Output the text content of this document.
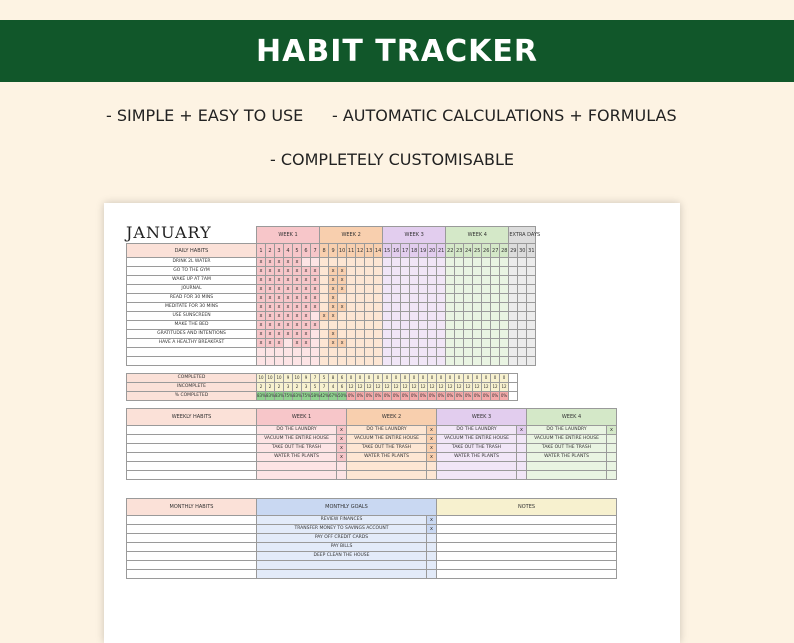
HABIT TRACKER
- SIMPLE + EASY TO USE - AUTOMATIC CALCULATIONS + FORMULAS
- COMPLETELY CUSTOMISABLE
JANUARY
		WEEK 1							WEEK 2							WEEK 3							WEEK 4							EXTRA DAYS		
DAILY HABITS	1	2	3	4	5	6	7	8	9	10	11	12	13	14	15	16	17	18	19	20	21	22	23	24	25	26	27	28	29	30	31
DRINK 2L WATER	x	x	x	x	x																										
GO TO THE GYM	x	x	x	x	x	x	x		x	x																					
WAKE UP AT 7AM	x	x	x	x	x	x	x		x	x																					
JOURNAL	x	x	x	x	x	x	x		x	x																					
READ FOR 30 MINS	x	x	x	x	x	x	x		x																						
MEDITATE FOR 30 MINS	x	x	x	x	x	x	x		x	x																					
USE SUNSCREEN	x	x	x	x	x	x		x	x																						
MAKE THE BED	x	x	x	x	x	x	x																								
GRATITUDES AND INTENTIONS	x	x	x	x	x	x			x																						
HAVE A HEALTHY BREAKFAST	x	x	x		x	x			x	x																					

COMPLETED	10	10	10	9	10	9	7	5	8	6	0	0	0	0	0	0	0	0	0	0	0	0	0	0	0	0	0	0	
INCOMPLETE	2	2	2	3	2	3	5	7	4	6	12	12	12	12	12	12	12	12	12	12	12	12	12	12	12	12	12	12	
% COMPLETED	83%	83%	83%	75%	83%	75%	58%	42%	67%	50%	0%	0%	0%	0%	0%	0%	0%	0%	0%	0%	0%	0%	0%	0%	0%	0%	0%	0%	
WEEKLY HABITS	WEEK 1		WEEK 2		WEEK 3		WEEK 4	
	DO THE LAUNDRY	x	DO THE LAUNDRY	x	DO THE LAUNDRY	x	DO THE LAUNDRY	x
	VACUUM THE ENTIRE HOUSE	x	VACUUM THE ENTIRE HOUSE	x	VACUUM THE ENTIRE HOUSE		VACUUM THE ENTIRE HOUSE	
	TAKE OUT THE TRASH	x	TAKE OUT THE TRASH	x	TAKE OUT THE TRASH		TAKE OUT THE TRASH	
	WATER THE PLANTS	x	WATER THE PLANTS	x	WATER THE PLANTS		WATER THE PLANTS	

MONTHLY HABITS	MONTHLY GOALS		NOTES
	REVIEW FINANCES	x	
	TRANSFER MONEY TO SAVINGS ACCOUNT	x	
	PAY OFF CREDIT CARDS		
	PAY BILLS		
	DEEP CLEAN THE HOUSE		
